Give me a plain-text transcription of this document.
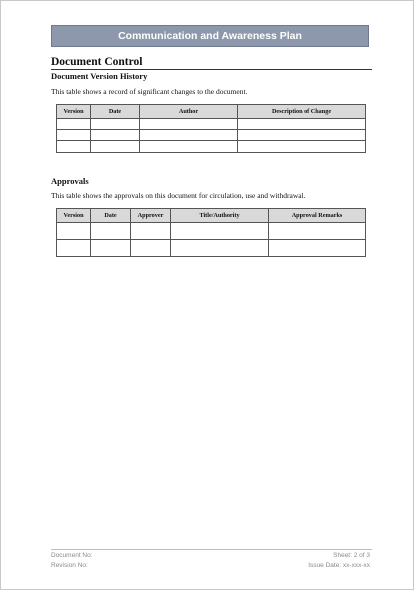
Communication and Awareness Plan
Document Control
Document Version History
This table shows a record of significant changes to the document.
Version	Date	Author	Description of Change

Approvals
This table shows the approvals on this document for circulation, use and withdrawal.
Version	Date	Approver	Title/Authority	Approval Remarks

Document No:
Revision No:
Sheet: 2 of 3
Issue Date: xx-xxx-xx
